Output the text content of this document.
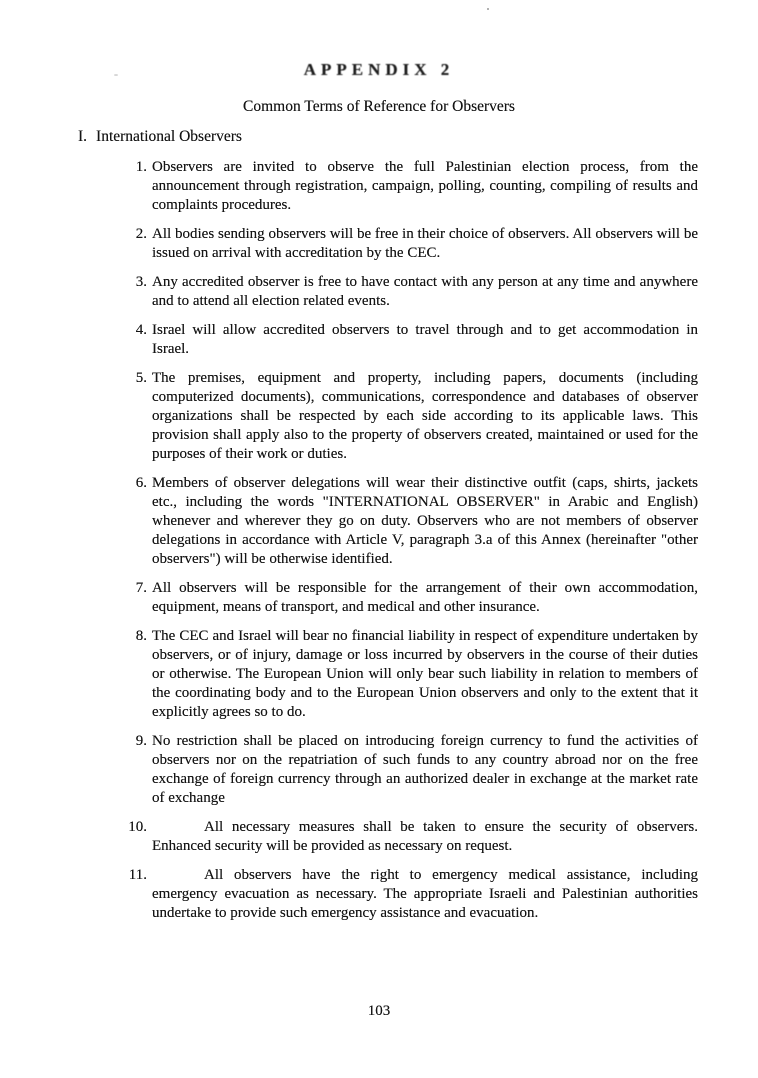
APPENDIX 2
Common Terms of Reference for Observers
I. International Observers
1. Observers are invited to observe the full Palestinian election process, from the announcement through registration, campaign, polling, counting, compiling of results and complaints procedures.

2. All bodies sending observers will be free in their choice of observers. All observers will be issued on arrival with accreditation by the CEC.

3. Any accredited observer is free to have contact with any person at any time and anywhere and to attend all election related events.

4. Israel will allow accredited observers to travel through and to get accommodation in Israel.

5. The premises, equipment and property, including papers, documents (including computerized documents), communications, correspondence and databases of observer organizations shall be respected by each side according to its applicable laws. This provision shall apply also to the property of observers created, maintained or used for the purposes of their work or duties.

6. Members of observer delegations will wear their distinctive outfit (caps, shirts, jackets etc., including the words "INTERNATIONAL OBSERVER" in Arabic and English) whenever and wherever they go on duty. Observers who are not members of observer delegations in accordance with Article V, paragraph 3.a of this Annex (hereinafter "other observers") will be otherwise identified.

7. All observers will be responsible for the arrangement of their own accommodation, equipment, means of transport, and medical and other insurance.

8. The CEC and Israel will bear no financial liability in respect of expenditure undertaken by observers, or of injury, damage or loss incurred by observers in the course of their duties or otherwise. The European Union will only bear such liability in relation to members of the coordinating body and to the European Union observers and only to the extent that it explicitly agrees so to do.

9. No restriction shall be placed on introducing foreign currency to fund the activities of observers nor on the repatriation of such funds to any country abroad nor on the free exchange of foreign currency through an authorized dealer in exchange at the market rate of exchange

10.	All necessary measures shall be taken to ensure the security of observers. Enhanced security will be provided as necessary on request.

11.	All observers have the right to emergency medical assistance, including emergency evacuation as necessary. The appropriate Israeli and Palestinian authorities undertake to provide such emergency assistance and evacuation.

103
